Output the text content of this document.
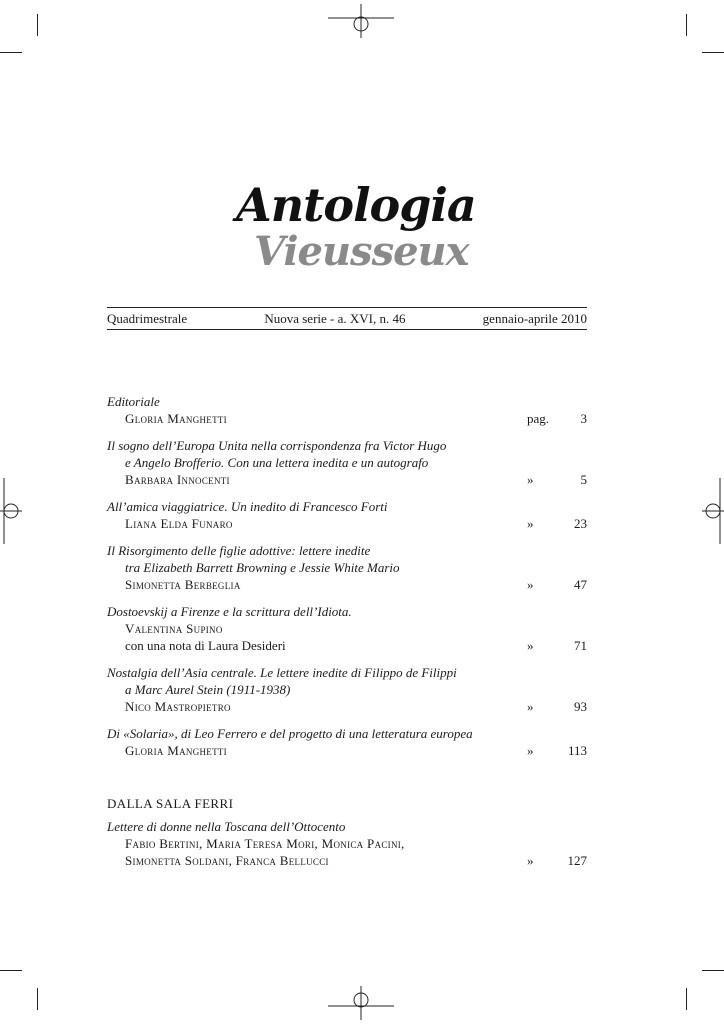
Antologia
Vieusseux
Quadrimestrale	Nuova serie - a. XVI, n. 46	gennaio-aprile 2010
Editoriale
Gloria Manghetti	pag.	3
Il sogno dell’Europa Unita nella corrispondenza fra Victor Hugo
e Angelo Brofferio. Con una lettera inedita e un autografo
Barbara Innocenti	»	5
All’amica viaggiatrice. Un inedito di Francesco Forti
Liana Elda Funaro	»	23
Il Risorgimento delle figlie adottive: lettere inedite
tra Elizabeth Barrett Browning e Jessie White Mario
Simonetta Berbeglia	»	47
Dostoevskij a Firenze e la scrittura dell’Idiota.
Valentina Supino
con una nota di Laura Desideri	»	71
Nostalgia dell’Asia centrale. Le lettere inedite di Filippo de Filippi
a Marc Aurel Stein (1911-1938)
Nico Mastropietro	»	93
Di «Solaria», di Leo Ferrero e del progetto di una letteratura europea
Gloria Manghetti	»	113
DALLA SALA FERRI
Lettere di donne nella Toscana dell’Ottocento
Fabio Bertini, Maria Teresa Mori, Monica Pacini,
Simonetta Soldani, Franca Bellucci	»	127
